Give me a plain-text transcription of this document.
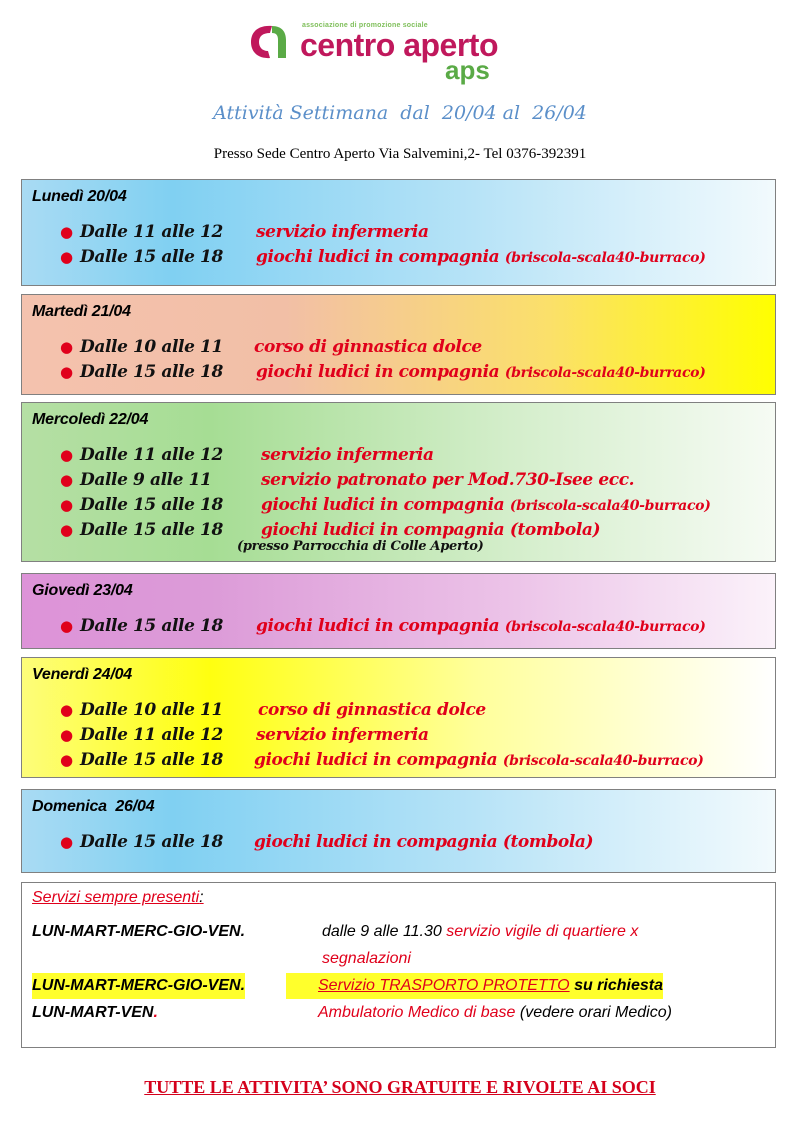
associazione di promozione sociale
centro aperto
aps
Attività Settimana  dal  20/04 al  26/04
Presso Sede Centro Aperto Via Salvemini,2- Tel 0376-392391
Lunedì 20/04
● Dalle 11 alle 12 servizio infermeria
● Dalle 15 alle 18 giochi ludici in compagnia (briscola-scala40-burraco)
Martedì 21/04
● Dalle 10 alle 11 corso di ginnastica dolce
● Dalle 15 alle 18 giochi ludici in compagnia (briscola-scala40-burraco)
Mercoledì 22/04
● Dalle 11 alle 12 servizio infermeria
● Dalle 9 alle 11	servizio patronato per Mod.730-Isee ecc.
● Dalle 15 alle 18 giochi ludici in compagnia (briscola-scala40-burraco)
● Dalle 15 alle 18 giochi ludici in compagnia (tombola)
(presso Parrocchia di Colle Aperto)
Giovedì 23/04
● Dalle 15 alle 18 giochi ludici in compagnia (briscola-scala40-burraco)
Venerdì 24/04
● Dalle 10 alle 11 corso di ginnastica dolce
● Dalle 11 alle 12 servizio infermeria
● Dalle 15 alle 18 giochi ludici in compagnia (briscola-scala40-burraco)
Domenica  26/04
● Dalle 15 alle 18 giochi ludici in compagnia (tombola)
Servizi sempre presenti:
LUN-MART-MERC-GIO-VEN.	dalle 9 alle 11.30 servizio vigile di quartiere x
segnalazioni
LUN-MART-MERC-GIO-VEN.	Servizio TRASPORTO PROTETTO su richiesta
LUN-MART-VEN.	Ambulatorio Medico di base (vedere orari Medico)
TUTTE LE ATTIVITA’ SONO GRATUITE E RIVOLTE AI SOCI
